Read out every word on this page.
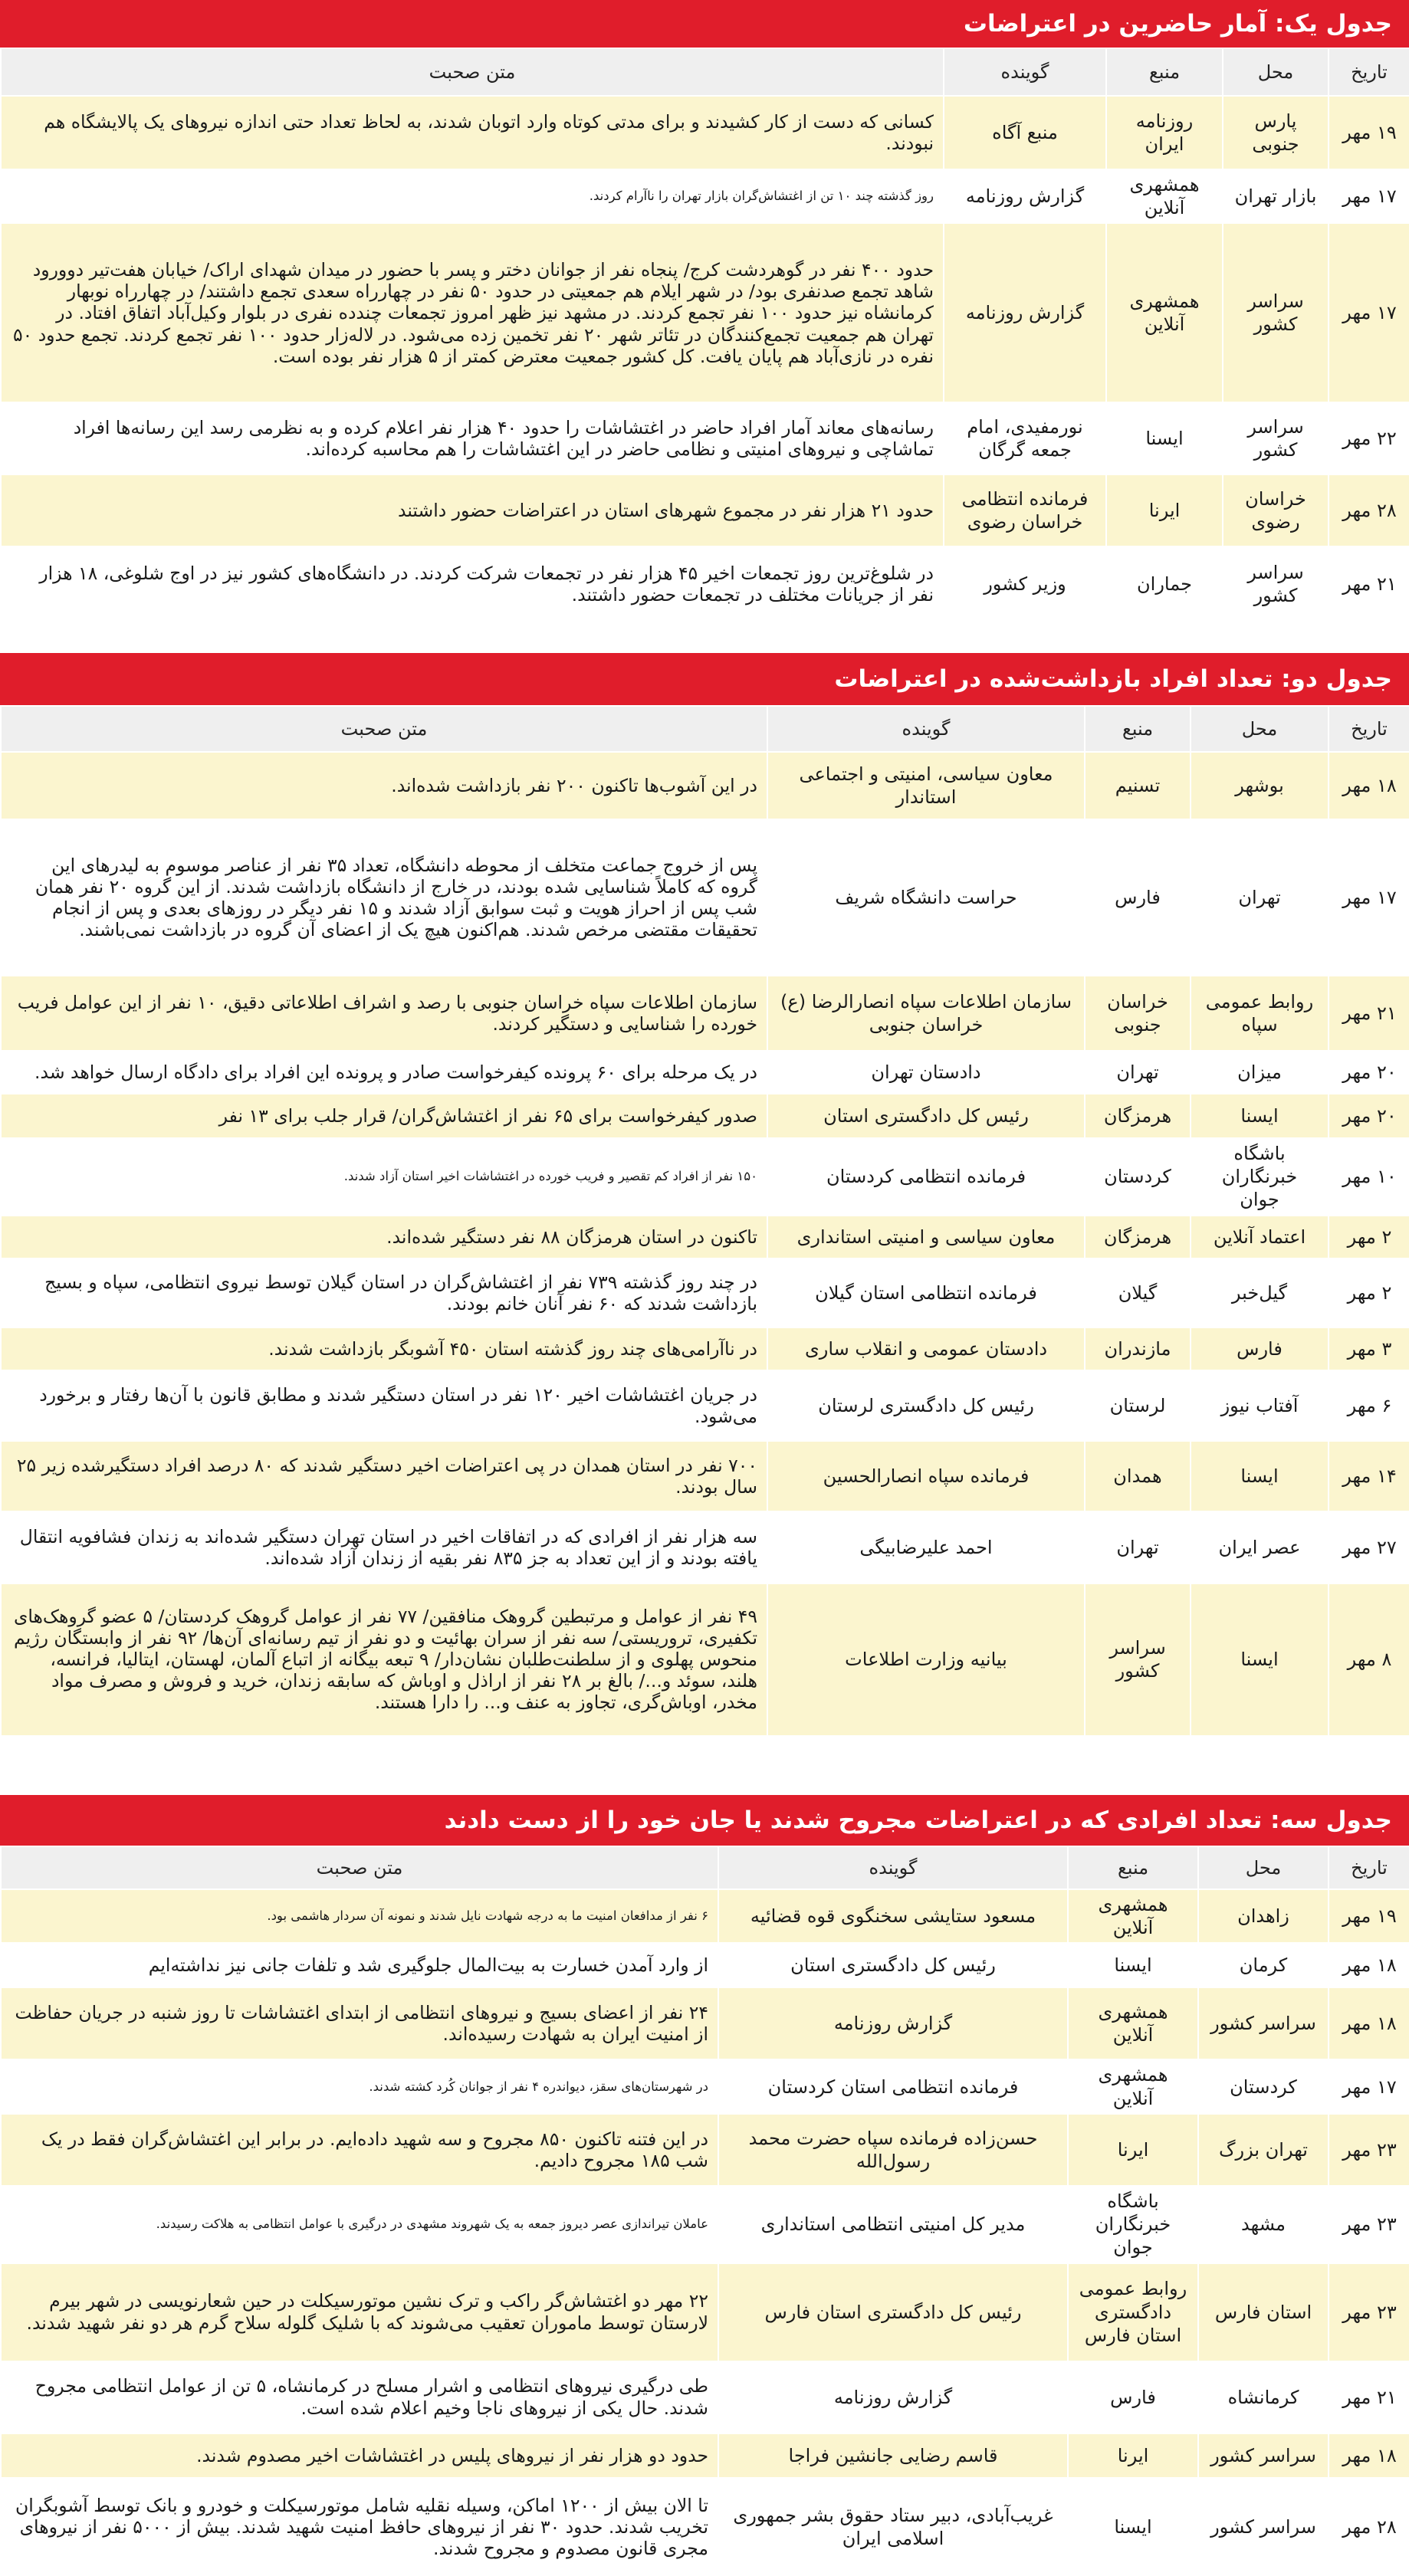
جدول یک: آمار حاضرین در اعتراضات
تاریخ	محل	منبع	گوینده	متن صحبت
۱۹ مهر	پارس جنوبی	روزنامه ایران	منبع آگاه	کسانی که دست از کار کشیدند و برای مدتی کوتاه وارد اتوبان شدند، به لحاظ تعداد حتی اندازه نیروهای یک پالایشگاه هم نبودند.
۱۷ مهر	بازار تهران	همشهری آنلاین	گزارش روزنامه	روز گذشته چند ۱۰ تن از اغتشاش‌گران بازار تهران را ناآرام کردند.
۱۷ مهر	سراسر کشور	همشهری آنلاین	گزارش روزنامه	حدود ۴۰۰ نفر در گوهردشت کرج/ پنجاه نفر از جوانان دختر و پسر با حضور در میدان شهدای اراک/ خیابان هفت‌تیر دوورود شاهد تجمع صدنفری بود/ در شهر ایلام هم جمعیتی در حدود ۵۰ نفر در چهارراه سعدی تجمع داشتند/ در چهارراه نوبهار کرمانشاه نیز حدود ۱۰۰ نفر تجمع کردند. در مشهد نیز ظهر امروز تجمعات چندده نفری در بلوار وکیل‌آباد اتفاق افتاد. در تهران هم جمعیت تجمع‌کنندگان در تئاتر شهر ۲۰ نفر تخمین زده می‌شود. در لاله‌زار حدود ۱۰۰ نفر تجمع کردند. تجمع حدود ۵۰ نفره در نازی‌آباد هم پایان یافت. کل کشور جمعیت معترض کمتر از ۵ هزار نفر بوده است.
۲۲ مهر	سراسر کشور	ایسنا	نورمفیدی، امام جمعه گرگان	رسانه‌های معاند آمار افراد حاضر در اغتشاشات را حدود ۴۰ هزار نفر اعلام کرده و به نظرمی رسد این رسانه‌ها افراد تماشاچی و نیروهای امنیتی و نظامی حاضر در این اغتشاشات را هم محاسبه کرده‌اند.
۲۸ مهر	خراسان رضوی	ایرنا	فرمانده انتظامی خراسان رضوی	حدود ۲۱ هزار نفر در مجموع شهرهای استان در اعتراضات حضور داشتند
۲۱ مهر	سراسر کشور	جماران	وزیر کشور	در شلوغ‌ترین روز تجمعات اخیر ۴۵ هزار نفر در تجمعات شرکت کردند. در دانشگاه‌های کشور نیز در اوج شلوغی، ۱۸ هزار نفر از جریانات مختلف در تجمعات حضور داشتند.
جدول دو: تعداد افراد بازداشت‌شده در اعتراضات
تاریخ	محل	منبع	گوینده	متن صحبت
۱۸ مهر	بوشهر	تسنیم	معاون سیاسی، امنیتی و اجتماعی استاندار	در این آشوب‌ها تاکنون ۲۰۰ نفر بازداشت شده‌اند.
۱۷ مهر	تهران	فارس	حراست دانشگاه شریف	پس از خروج جماعت متخلف از محوطه دانشگاه، تعداد ۳۵ نفر از عناصر موسوم به لیدرهای این گروه که کاملاً شناسایی شده بودند، در خارج از دانشگاه بازداشت شدند. از این گروه ۲۰ نفر همان شب پس از احراز هویت و ثبت سوابق آزاد شدند و ۱۵ نفر دیگر در روزهای بعدی و پس از انجام تحقیقات مقتضی مرخص شدند. هم‌اکنون هیچ یک از اعضای آن گروه در بازداشت نمی‌باشند.
۲۱ مهر	روابط عمومی سپاه	خراسان جنوبی	سازمان اطلاعات سپاه انصارالرضا (ع) خراسان جنوبی	سازمان اطلاعات سپاه خراسان جنوبی با رصد و اشراف اطلاعاتی دقیق، ۱۰ نفر از این عوامل فریب خورده را شناسایی و دستگیر کردند.
۲۰ مهر	میزان	تهران	دادستان تهران	در یک مرحله برای ۶۰ پرونده کیفرخواست صادر و پرونده این افراد برای دادگاه ارسال خواهد شد.
۲۰ مهر	ایسنا	هرمزگان	رئیس کل دادگستری استان	صدور کیفرخواست برای ۶۵ نفر از اغتشاش‌گران/ قرار جلب برای ۱۳ نفر
۱۰ مهر	باشگاه خبرنگاران جوان	کردستان	فرمانده انتظامی کردستان	۱۵۰ نفر از افراد کم تقصیر و فریب خورده در اغتشاشات اخیر استان آزاد شدند.
۲ مهر	اعتماد آنلاین	هرمزگان	معاون سیاسی و امنیتی استانداری	تاکنون در استان هرمزگان ۸۸ نفر دستگیر شده‌اند.
۲ مهر	گیل‌خبر	گیلان	فرمانده انتظامی استان گیلان	در چند روز گذشته ۷۳۹ نفر از اغتشاش‌گران در استان گیلان توسط نیروی انتظامی، سپاه و بسیج بازداشت شدند که ۶۰ نفر آنان خانم بودند.
۳ مهر	فارس	مازندران	دادستان عمومی و انقلاب ساری	در ناآرامی‌های چند روز گذشته استان ۴۵۰ آشوبگر بازداشت شدند.
۶ مهر	آفتاب نیوز	لرستان	رئیس کل دادگستری لرستان	در جریان اغتشاشات اخیر ۱۲۰ نفر در استان دستگیر شدند و مطابق قانون با آن‌ها رفتار و برخورد می‌شود.
۱۴ مهر	ایسنا	همدان	فرمانده سپاه انصارالحسین	۷۰۰ نفر در استان همدان در پی اعتراضات اخیر دستگیر شدند که ۸۰ درصد افراد دستگیرشده زیر ۲۵ سال بودند.
۲۷ مهر	عصر ایران	تهران	احمد علیرضابیگی	سه هزار نفر از افرادی که در اتفاقات اخیر در استان تهران دستگیر شده‌اند به زندان فشافویه انتقال یافته بودند و از این تعداد به جز ۸۳۵ نفر بقیه از زندان آزاد شده‌اند.
۸ مهر	ایسنا	سراسر کشور	بیانیه وزارت اطلاعات	۴۹ نفر از عوامل و مرتبطین گروهک منافقین/ ۷۷ نفر از عوامل گروهک کردستان/ ۵ عضو گروهک‌های تکفیری، تروریستی/ سه نفر از سران بهائیت و دو نفر از تیم رسانه‌ای آن‌ها/ ۹۲ نفر از وابستگان رژیم منحوس پهلوی و از سلطنت‌طلبان نشان‌دار/ ۹ تبعه بیگانه از اتباع آلمان، لهستان، ایتالیا، فرانسه، هلند، سوئد و.../ بالغ بر ۲۸ نفر از اراذل و اوباش که سابقه زندان، خرید و فروش و مصرف مواد مخدر، اوباش‌گری، تجاوز به عنف و... را دارا هستند.
جدول سه: تعداد افرادی که در اعتراضات مجروح شدند یا جان خود را از دست دادند
تاریخ	محل	منبع	گوینده	متن صحبت
۱۹ مهر	زاهدان	همشهری آنلاین	مسعود ستایشی سخنگوی قوه قضائیه	۶ نفر از مدافعان امنیت ما به درجه شهادت نایل شدند و نمونه آن سردار هاشمی بود.
۱۸ مهر	کرمان	ایسنا	رئیس کل دادگستری استان	از وارد آمدن خسارت به بیت‌المال جلوگیری شد و تلفات جانی نیز نداشته‌ایم
۱۸ مهر	سراسر کشور	همشهری آنلاین	گزارش روزنامه	۲۴ نفر از اعضای بسیج و نیروهای انتظامی از ابتدای اغتشاشات تا روز شنبه در جریان حفاظت از امنیت ایران به شهادت رسیده‌اند.
۱۷ مهر	کردستان	همشهری آنلاین	فرمانده انتظامی استان کردستان	در شهرستان‌های سقز، دیواندره ۴ نفر از جوانان کُرد کشته شدند.
۲۳ مهر	تهران بزرگ	ایرنا	حسن‌زاده فرمانده سپاه حضرت محمد رسول‌الله	در این فتنه تاکنون ۸۵۰ مجروح و سه شهید داده‌ایم. در برابر این اغتشاش‌گران فقط در یک شب ۱۸۵ مجروح دادیم.
۲۳ مهر	مشهد	باشگاه خبرنگاران جوان	مدیر کل امنیتی انتظامی استانداری	عاملان تیراندازی عصر دیروز جمعه به یک شهروند مشهدی در درگیری با عوامل انتظامی به هلاکت رسیدند.
۲۳ مهر	استان فارس	روابط عمومی دادگستری استان فارس	رئیس کل دادگستری استان فارس	۲۲ مهر دو اغتشاش‌گر راکب و ترک نشین موتورسیکلت در حین شعارنویسی در شهر بیرم لارستان توسط ماموران تعقیب می‌شوند که با شلیک گلوله سلاح گرم هر دو نفر شهید شدند.
۲۱ مهر	کرمانشاه	فارس	گزارش روزنامه	طی درگیری نیروهای انتظامی و اشرار مسلح در کرمانشاه، ۵ تن از عوامل انتظامی مجروح شدند. حال یکی از نیروهای ناجا وخیم اعلام شده است.
۱۸ مهر	سراسر کشور	ایرنا	قاسم رضایی جانشین فراجا	حدود دو هزار نفر از نیروهای پلیس در اغتشاشات اخیر مصدوم شدند.
۲۸ مهر	سراسر کشور	ایسنا	غریب‌آبادی، دبیر ستاد حقوق بشر جمهوری اسلامی ایران	تا الان بیش از ۱۲۰۰ اماکن، وسیله نقلیه شامل موتورسیکلت و خودرو و بانک توسط آشوبگران تخریب شدند. حدود ۳۰ نفر از نیروهای حافظ امنیت شهید شدند. بیش از ۵۰۰۰ نفر از نیروهای مجری قانون مصدوم و مجروح شدند.
